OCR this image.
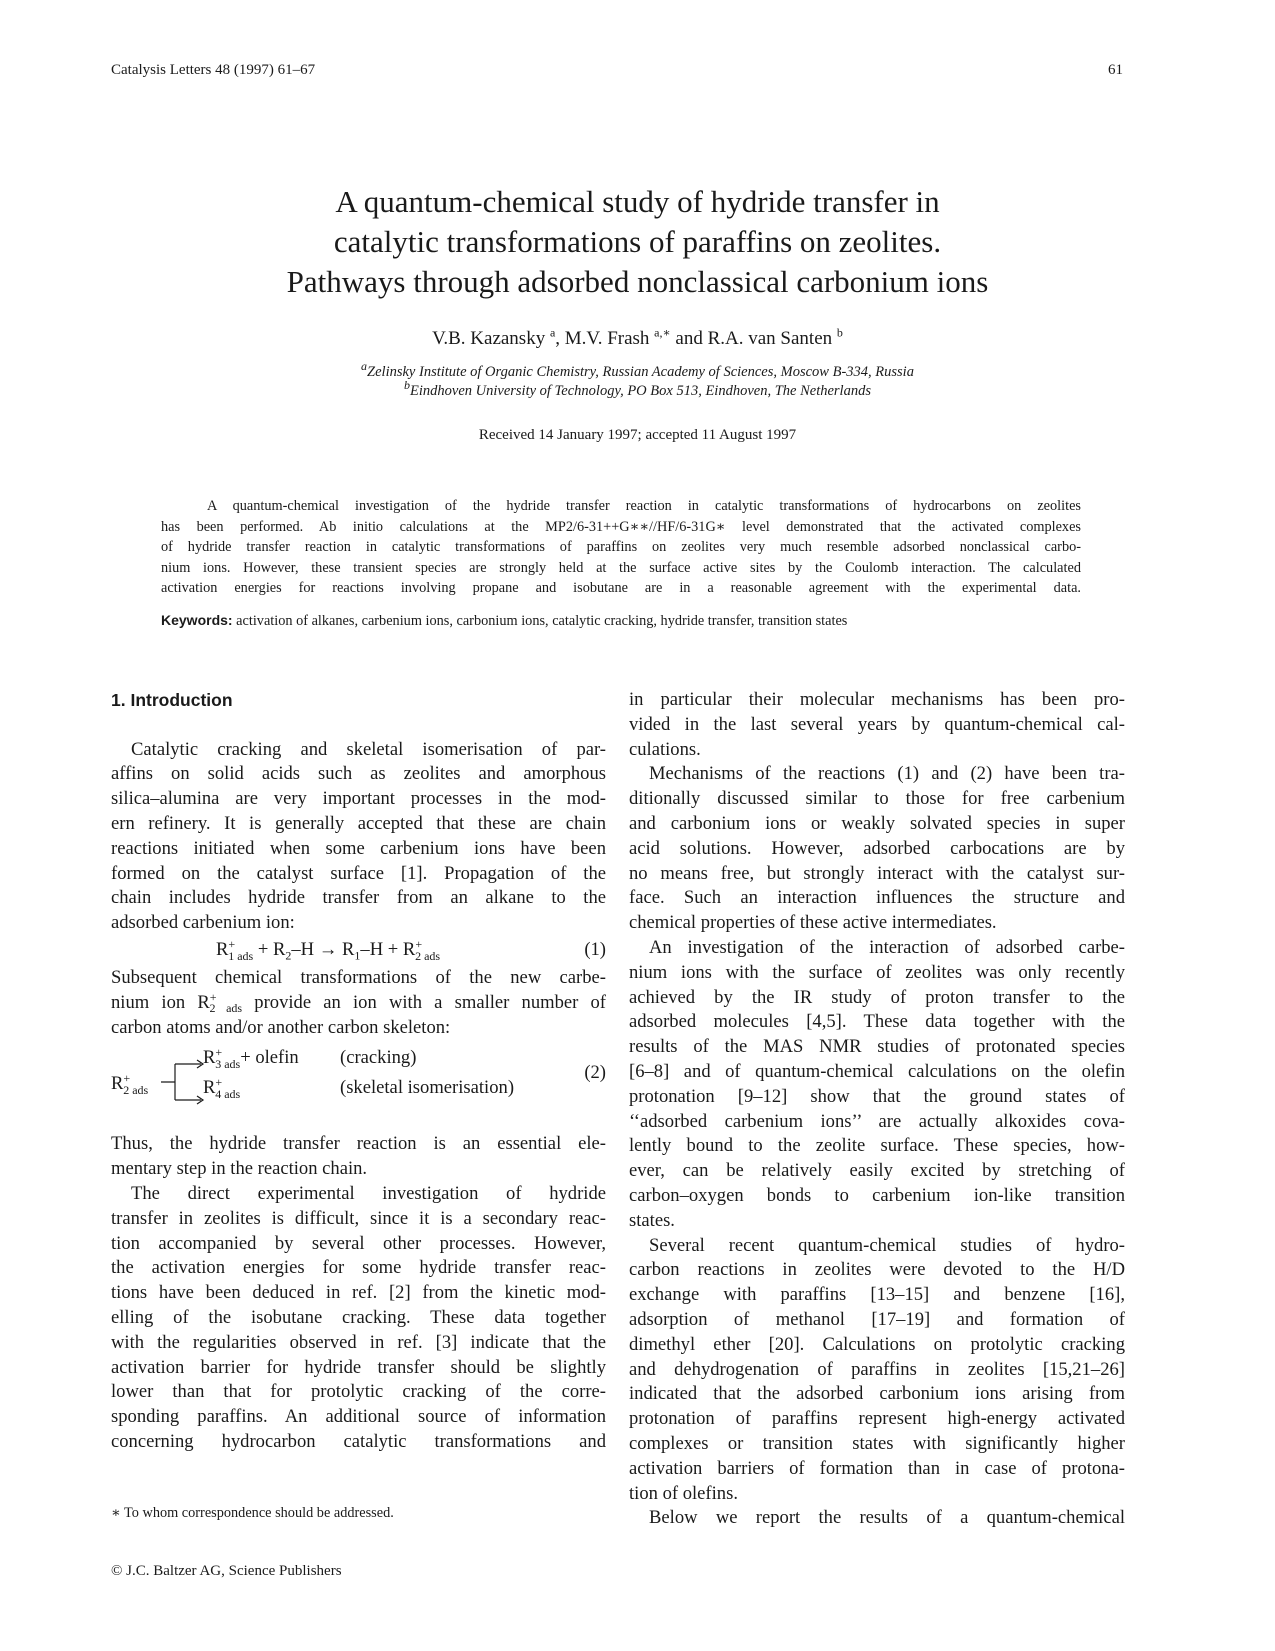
Catalysis Letters 48 (1997) 61–67	61
A quantum-chemical study of hydride transfer in
catalytic transformations of paraffins on zeolites.
Pathways through adsorbed nonclassical carbonium ions
V.B. Kazansky $^a$, M.V. Frash $^{a,∗}$ and R.A. van Santen $^b$
$^a$Zelinsky Institute of Organic Chemistry, Russian Academy of Sciences, Moscow B-334, Russia
$^b$Eindhoven University of Technology, PO Box 513, Eindhoven, The Netherlands
Received 14 January 1997; accepted 11 August 1997
A quantum-chemical investigation of the hydride transfer reaction in catalytic transformations of hydrocarbons on zeolites
has been performed. Ab initio calculations at the MP2/6-31++G∗∗//HF/6-31G∗ level demonstrated that the activated complexes
of hydride transfer reaction in catalytic transformations of paraffins on zeolites very much resemble adsorbed nonclassical carbo-
nium ions. However, these transient species are strongly held at the surface active sites by the Coulomb interaction. The calculated
activation energies for reactions involving propane and isobutane are in a reasonable agreement with the experimental data.
Keywords: activation of alkanes, carbenium ions, carbonium ions, catalytic cracking, hydride transfer, transition states
1. Introduction
Catalytic cracking and skeletal isomerisation of par-
affins on solid acids such as zeolites and amorphous
silica–alumina are very important processes in the mod-
ern refinery. It is generally accepted that these are chain
reactions initiated when some carbenium ions have been
formed on the catalyst surface [1]. Propagation of the
chain includes hydride transfer from an alkane to the
adsorbed carbenium ion:
$R^+_{1 ads} + R_2-H \to R_1-H + R^+_{2 ads}$	(1)
Subsequent chemical transformations of the new carbe-
nium ion $R^+_{2 ads}$ provide an ion with a smaller number of
carbon atoms and/or another carbon skeleton:
$R^+_{2 ads}$
$R^+_{3 ads}$ + olefin (cracking)
$R^+_{4 ads}$	(skeletal isomerisation)
(2)
Thus, the hydride transfer reaction is an essential ele-
mentary step in the reaction chain.
The direct experimental investigation of hydride
transfer in zeolites is difficult, since it is a secondary reac-
tion accompanied by several other processes. However,
the activation energies for some hydride transfer reac-
tions have been deduced in ref. [2] from the kinetic mod-
elling of the isobutane cracking. These data together
with the regularities observed in ref. [3] indicate that the
activation barrier for hydride transfer should be slightly
lower than that for protolytic cracking of the corre-
sponding paraffins. An additional source of information
concerning hydrocarbon catalytic transformations and
in particular their molecular mechanisms has been pro-
vided in the last several years by quantum-chemical cal-
culations.
Mechanisms of the reactions (1) and (2) have been tra-
ditionally discussed similar to those for free carbenium
and carbonium ions or weakly solvated species in super
acid solutions. However, adsorbed carbocations are by
no means free, but strongly interact with the catalyst sur-
face. Such an interaction influences the structure and
chemical properties of these active intermediates.
An investigation of the interaction of adsorbed carbe-
nium ions with the surface of zeolites was only recently
achieved by the IR study of proton transfer to the
adsorbed molecules [4,5]. These data together with the
results of the MAS NMR studies of protonated species
[6–8] and of quantum-chemical calculations on the olefin
protonation [9–12] show that the ground states of
‘‘adsorbed carbenium ions’’ are actually alkoxides cova-
lently bound to the zeolite surface. These species, how-
ever, can be relatively easily excited by stretching of
carbon–oxygen bonds to carbenium ion-like transition
states.
Several recent quantum-chemical studies of hydro-
carbon reactions in zeolites were devoted to the H/D
exchange with paraffins [13–15] and benzene [16],
adsorption of methanol [17–19] and formation of
dimethyl ether [20]. Calculations on protolytic cracking
and dehydrogenation of paraffins in zeolites [15,21–26]
indicated that the adsorbed carbonium ions arising from
protonation of paraffins represent high-energy activated
complexes or transition states with significantly higher
activation barriers of formation than in case of protona-
tion of olefins.
Below we report the results of a quantum-chemical
∗ To whom correspondence should be addressed.
© J.C. Baltzer AG, Science Publishers
